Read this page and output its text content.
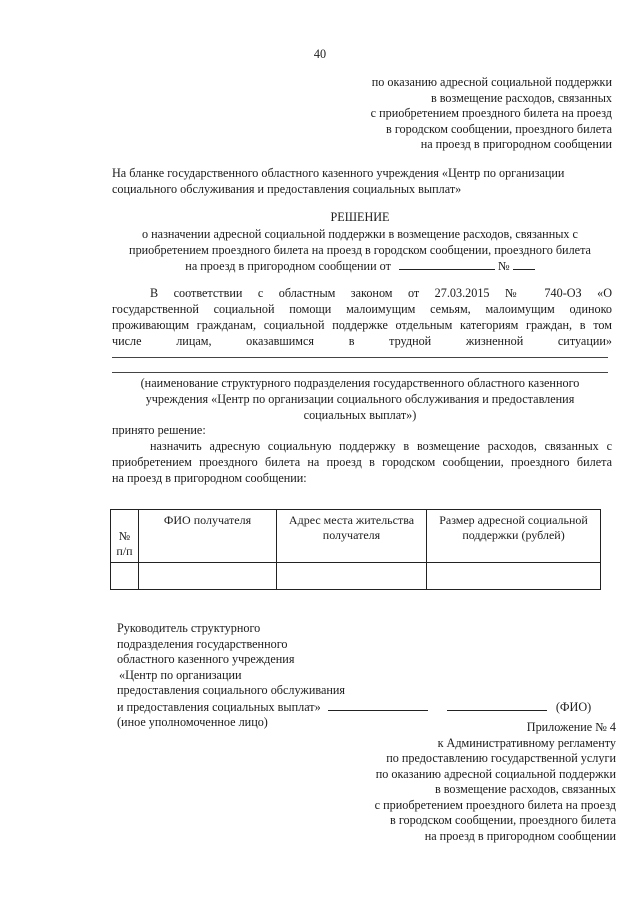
40
по оказанию адресной социальной поддержки
в возмещение расходов, связанных
с приобретением проездного билета на проезд
в городском сообщении, проездного билета
на проезд в пригородном сообщении
На бланке государственного областного казенного учреждения «Центр по организации
социального обслуживания и предоставления социальных выплат»
РЕШЕНИЕ
о назначении адресной социальной поддержки в возмещение расходов, связанных с
приобретением проездного билета на проезд в городском сообщении, проездного билета
на проезд в пригородном сообщении от	№
В соответствии с областным законом от 27.03.2015 № 740-ОЗ «О
государственной социальной помощи малоимущим семьям, малоимущим одиноко
проживающим гражданам, социальной поддержке отдельным категориям граждан, в том
числе лицам, оказавшимся в трудной жизненной ситуации»
(наименование структурного подразделения государственного областного казенного
учреждения «Центр по организации социального обслуживания и предоставления
социальных выплат»)
принято решение:
назначить адресную социальную поддержку в возмещение расходов, связанных с
приобретением проездного билета на проезд в городском сообщении, проездного билета
на проезд в пригородном сообщении:
№ п/п	ФИО получателя	Адрес места жительства получателя	Размер адресной социальной поддержки (рублей)

Руководитель структурного
подразделения государственного
областного казенного учреждения
«Центр по организации
предоставления социального обслуживания
и предоставления социальных выплат»	(ФИО)
(иное уполномоченное лицо)	Приложение № 4
к Административному регламенту
по предоставлению государственной услуги
по оказанию адресной социальной поддержки
в возмещение расходов, связанных
с приобретением проездного билета на проезд
в городском сообщении, проездного билета
на проезд в пригородном сообщении
